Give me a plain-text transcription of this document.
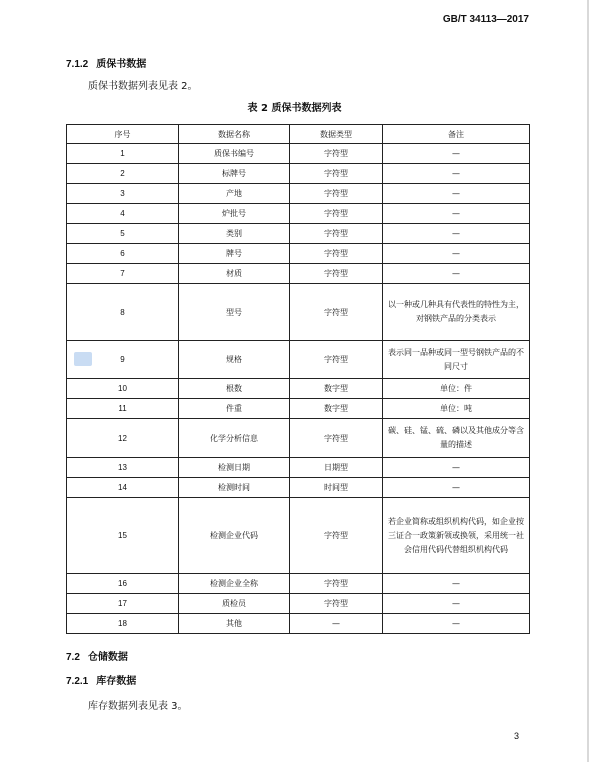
GB/T 34113—2017
7.1.2 质保书数据
质保书数据列表见表 2。
表 2 质保书数据列表
序号	数据名称	数据类型	备注
1	质保书编号	字符型	—
2	标牌号	字符型	—
3	产地	字符型	—
4	炉批号	字符型	—
5	类别	字符型	—
6	牌号	字符型	—
7	材质	字符型	—
8	型号	字符型	以一种或几种具有代表性的特性为主，对钢铁产品的分类表示
9	规格	字符型	表示同一品种或同一型号钢铁产品的不同尺寸
10	根数	数字型	单位：件
11	件重	数字型	单位：吨
12	化学分析信息	字符型	碳、硅、锰、硫、磷以及其他成分等含量的描述
13	检测日期	日期型	—
14	检测时间	时间型	—
15	检测企业代码	字符型	若企业简称或组织机构代码，如企业按三证合一政策新领或换领，采用统一社会信用代码代替组织机构代码
16	检测企业全称	字符型	—
17	质检员	字符型	—
18	其他	—	—
7.2 仓储数据
7.2.1 库存数据
库存数据列表见表 3。
3
